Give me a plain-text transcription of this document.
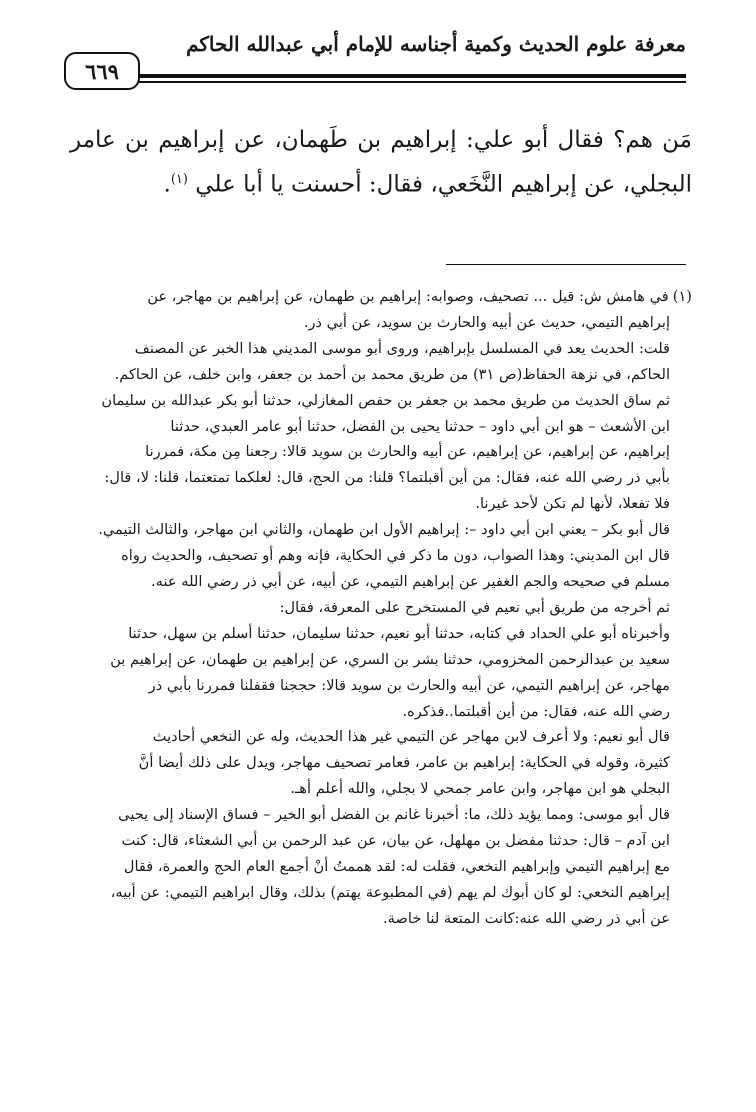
معرفة علوم الحديث وكمية أجناسه للإمام أبي عبدالله الحاكم
٦٦٩

مَن هم؟ فقال أبو علي: إبراهيم بن طَهمان، عن إبراهيم بن عامر البجلي، عن إبراهيم النَّخَعي، فقال: أحسنت يا أبا علي $^{(١)}$.

(١)في هامش ش: قيل ... تصحيف، وصوابه: إبراهيم بن طهمان، عن إبراهيم بن مهاجر، عن

إبراهيم التيمي، حديث عن أبيه والحارث بن سويد، عن أبي ذر.

قلت: الحديث يعد في المسلسل بإبراهيم، وروى أبو موسى المديني هذا الخبر عن المصنف

الحاكم، في نزهة الحفاظ(ص ٣١) من طريق محمد بن أحمد بن جعفر، وابن خلف، عن الحاكم.

ثم ساق الحديث من طريق محمد بن جعفر بن حفص المغازلي، حدثنا أبو بكر عبدالله بن سليمان

ابن الأشعث – هو ابن أبي داود – حدثنا يحيى بن الفضل، حدثنا أبو عامر العبدي، حدثنا

إبراهيم، عن إبراهيم، عن إبراهيم، عن أبيه والحارث بن سويد قالا: رجعنا مِن مكة، فمررنا

بأبي ذر رضي الله عنه، فقال: من أين أقبلتما؟ قلنا: من الحج، قال: لعلكما تمتعتما، قلنا: لا، قال:

فلا تفعلا، لأنها لم تكن لأحد غيرنا.

قال أبو بكر – يعني ابن أبي داود –: إبراهيم الأول ابن طهمان، والثاني ابن مهاجر، والثالث التيمي.

قال ابن المديني: وهذا الصواب، دون ما ذكر في الحكاية، فإنه وهم أو تصحيف، والحديث رواه

مسلم في صحيحه والجم الغفير عن إبراهيم التيمي، عن أبيه، عن أبي ذر رضي الله عنه.

ثم أخرجه من طريق أبي نعيم في المستخرج على المعرفة، فقال:

وأخبرناه أبو علي الحداد في كتابه، حدثنا أبو نعيم، حدثنا سليمان، حدثنا أسلم بن سهل، حدثنا

سعيد بن عبدالرحمن المخزومي، حدثنا بشر بن السري، عن إبراهيم بن طهمان، عن إبراهيم بن

مهاجر، عن إبراهيم التيمي، عن أبيه والحارث بن سويد قالا: حججنا فقفلنا فمررنا بأبي ذر

رضي الله عنه، فقال: من أين أقبلتما..فذكره.

قال أبو نعيم: ولا أعرف لابن مهاجر عن التيمي غير هذا الحديث، وله عن النخعي أحاديث

كثيرة، وقوله في الحكاية: إبراهيم بن عامر، فعامر تصحيف مهاجر، ويدل على ذلك أيضا أنَّ

البجلي هو ابن مهاجر، وابن عامر جمحي لا بجلي، والله أعلم أهـ.

قال أبو موسى: ومما يؤيد ذلك، ما: أخبرنا غانم بن الفضل أبو الخير – فساق الإسناد إلى يحيى

ابن آدم – قال: حدثنا مفضل بن مهلهل، عن بيان، عن عبد الرحمن بن أبي الشعثاء، قال: كنت

مع إبراهيم التيمي وإبراهيم النخعي، فقلت له: لقد هممتُ أنْ أجمع العام الحج والعمرة، فقال

إبراهيم النخعي: لو كان أبوك لم يهم (في المطبوعة يهتم) بذلك، وقال ابراهيم التيمي: عن أبيه،

عن أبي ذر رضي الله عنه:كانت المتعة لنا خاصة.
